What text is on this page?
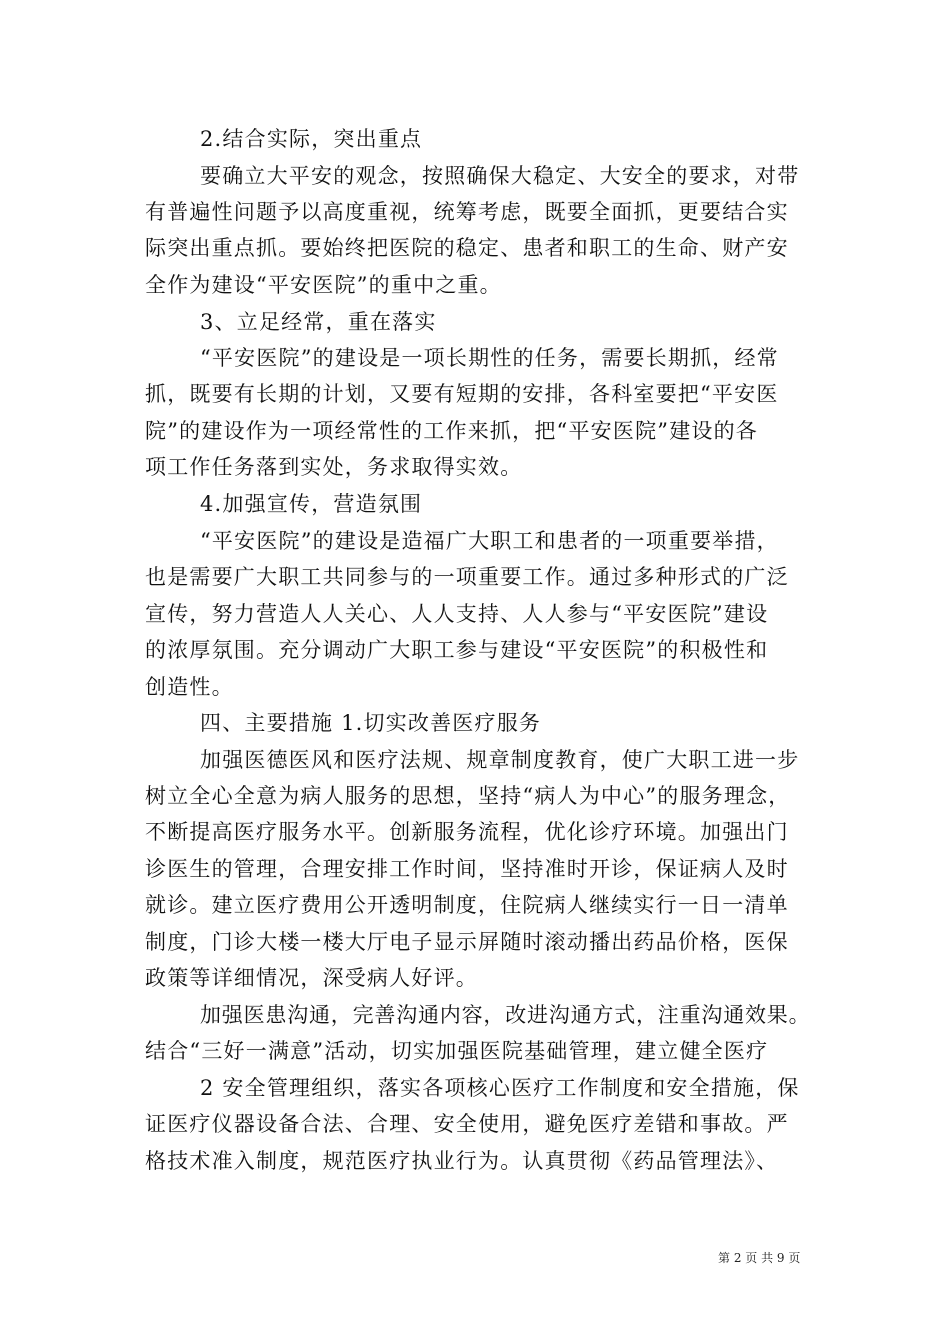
2.结合实际，突出重点
要确立大平安的观念，按照确保大稳定、大安全的要求，对带
有普遍性问题予以高度重视，统筹考虑，既要全面抓，更要结合实
际突出重点抓。要始终把医院的稳定、患者和职工的生命、财产安
全作为建设“平安医院”的重中之重。
3、立足经常，重在落实
“平安医院”的建设是一项长期性的任务，需要长期抓，经常
抓，既要有长期的计划，又要有短期的安排，各科室要把“平安医
院”的建设作为一项经常性的工作来抓，把“平安医院”建设的各
项工作任务落到实处，务求取得实效。
4.加强宣传，营造氛围
“平安医院”的建设是造福广大职工和患者的一项重要举措，
也是需要广大职工共同参与的一项重要工作。通过多种形式的广泛
宣传，努力营造人人关心、人人支持、人人参与“平安医院”建设
的浓厚氛围。充分调动广大职工参与建设“平安医院”的积极性和
创造性。
四、主要措施 1.切实改善医疗服务
加强医德医风和医疗法规、规章制度教育，使广大职工进一步
树立全心全意为病人服务的思想，坚持“病人为中心”的服务理念，
不断提高医疗服务水平。创新服务流程，优化诊疗环境。加强出门
诊医生的管理，合理安排工作时间，坚持准时开诊，保证病人及时
就诊。建立医疗费用公开透明制度，住院病人继续实行一日一清单
制度，门诊大楼一楼大厅电子显示屏随时滚动播出药品价格，医保
政策等详细情况，深受病人好评。
加强医患沟通，完善沟通内容，改进沟通方式，注重沟通效果。
结合“三好一满意”活动，切实加强医院基础管理，建立健全医疗
2 安全管理组织，落实各项核心医疗工作制度和安全措施，保
证医疗仪器设备合法、合理、安全使用，避免医疗差错和事故。严
格技术准入制度，规范医疗执业行为。认真贯彻《药品管理法》、
第 2 页 共 9 页
